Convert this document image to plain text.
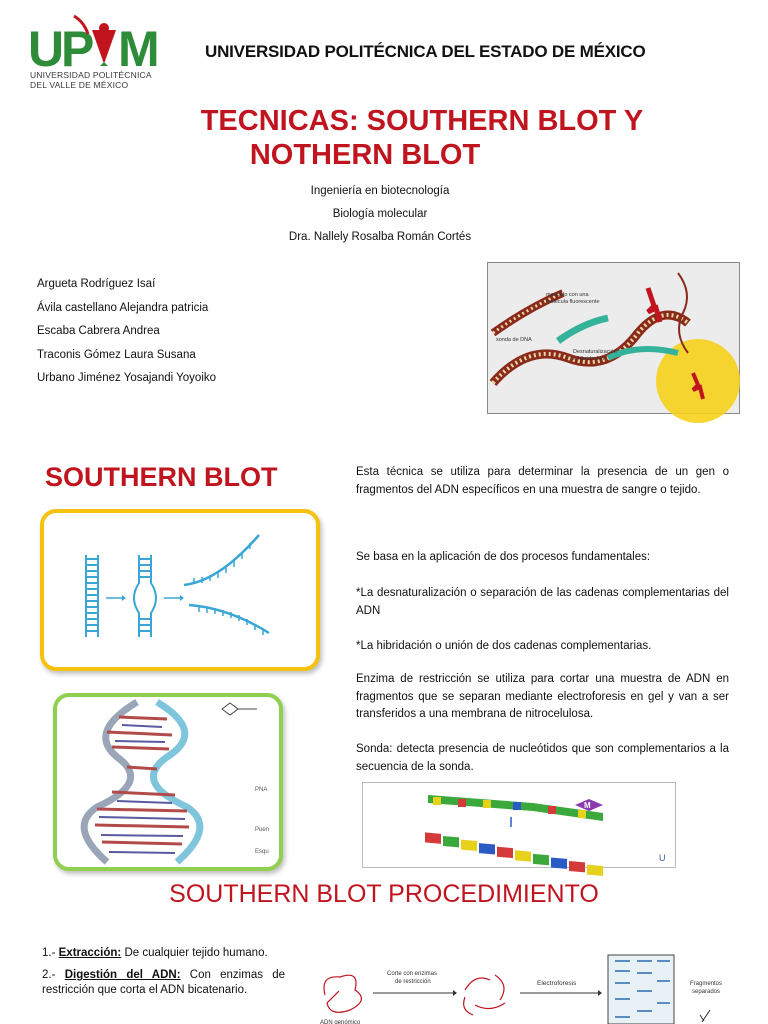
U
P M
UNIVERSIDAD POLITÉCNICA
DEL VALLE DE MÉXICO
UNIVERSIDAD POLITÉCNICA DEL ESTADO DE MÉXICO
TECNICAS: SOUTHERN BLOT Y
NOTHERN BLOT
Ingeniería en biotecnología
Biología molecular
Dra. Nallely Rosalba Román Cortés
Argueta Rodríguez Isaí
Ávila castellano Alejandra patricia
Escaba Cabrera Andrea
Traconis Gómez Laura Susana
Urbano Jiménez Yosajandi Yoyoiko
marcado con una
molécula fluorescente
sonda de DNA
Desnaturalización
e hibridación
SOUTHERN BLOT	Esta técnica se utiliza para determinar la presencia de un gen o fragmentos del ADN específicos en una muestra de sangre o tejido.
Se basa en la aplicación de dos procesos fundamentales:
*La desnaturalización o separación de las cadenas complementarias del ADN
*La hibridación o unión de dos cadenas complementarias.
Enzima de restricción se utiliza para cortar una muestra de ADN en fragmentos que se separan mediante electroforesis en gel y van a ser transferidos a una membrana de nitrocelulosa.
Sonda: detecta presencia de nucleótidos que son complementarios a la secuencia de la sonda.
PNA
Puen
Esqu
M
U
SOUTHERN BLOT PROCEDIMIENTO

1.- Extracción: De cualquier tejido humano.

2.- Digestión del ADN: Con enzimas de restricción que corta el ADN bicatenario.

ADN genómico
Corte con enzimas
de restricción	Electroforesis	Fragmentos
separados
